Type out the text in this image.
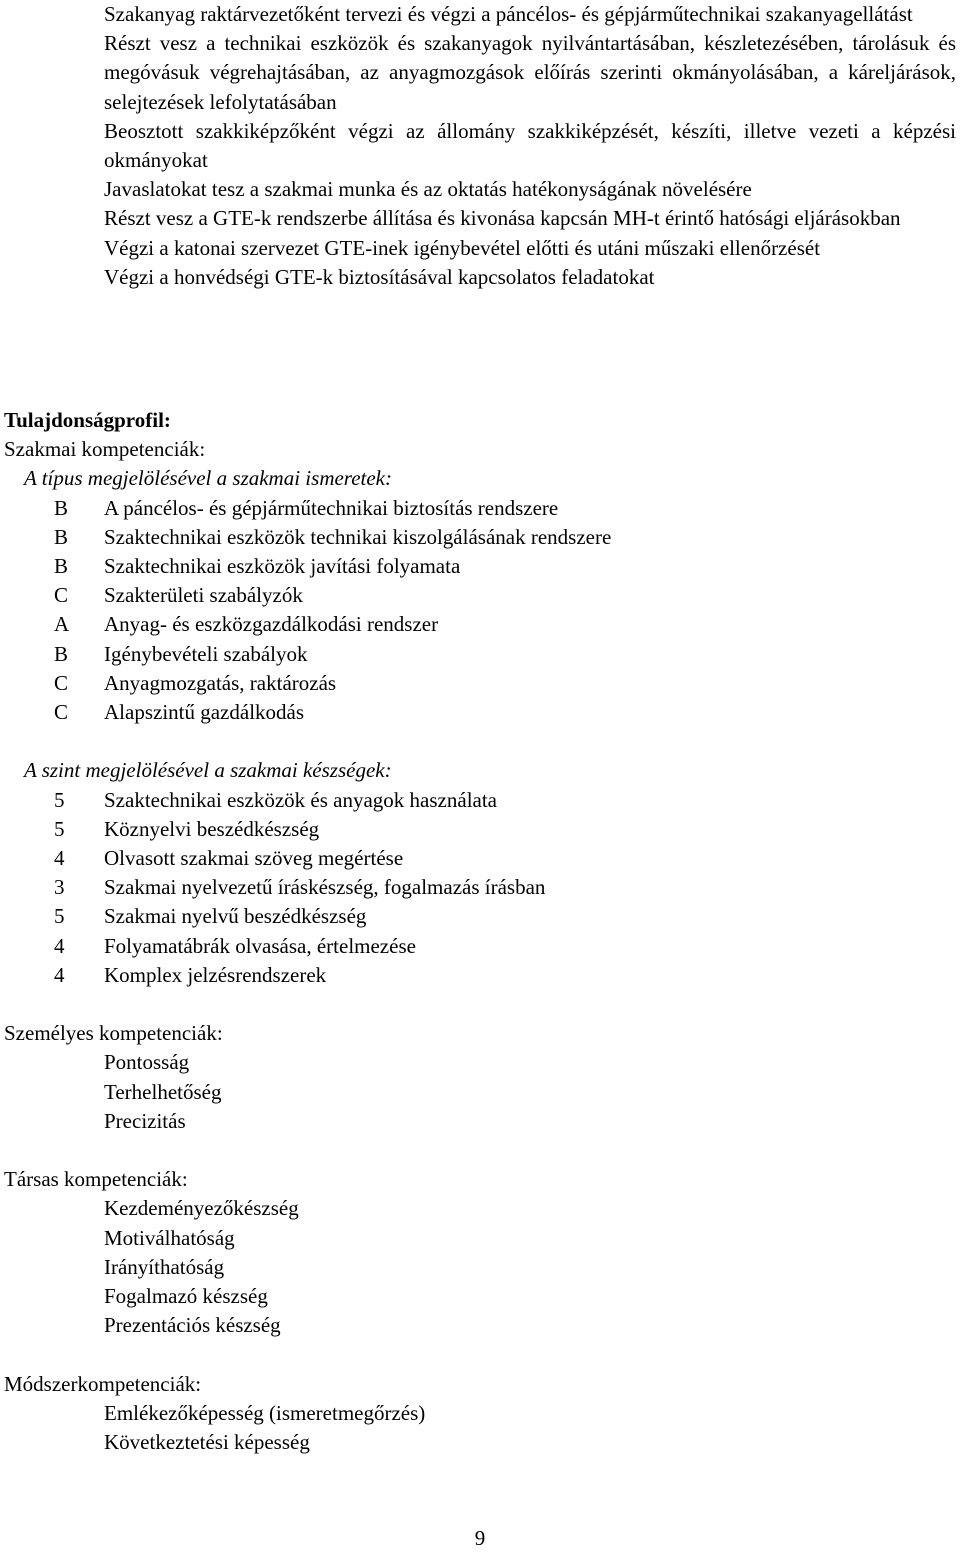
Szakanyag raktárvezetőként tervezi és végzi a páncélos- és gépjárműtechnikai szakanyagellátást
Részt vesz a technikai eszközök és szakanyagok nyilvántartásában, készletezésében, tárolásuk és megóvásuk végrehajtásában, az anyagmozgások előírás szerinti okmányolásában, a káreljárások, selejtezések lefolytatásában
Beosztott szakkiképzőként végzi az állomány szakkiképzését, készíti, illetve vezeti a képzési okmányokat
Javaslatokat tesz a szakmai munka és az oktatás hatékonyságának növelésére
Részt vesz a GTE-k rendszerbe állítása és kivonása kapcsán MH-t érintő hatósági eljárásokban
Végzi a katonai szervezet GTE-inek igénybevétel előtti és utáni műszaki ellenőrzését
Végzi a honvédségi GTE-k biztosításával kapcsolatos feladatokat
Tulajdonságprofil:
Szakmai kompetenciák:
A típus megjelölésével a szakmai ismeretek:
B	A páncélos- és gépjárműtechnikai biztosítás rendszere
B	Szaktechnikai eszközök technikai kiszolgálásának rendszere
B	Szaktechnikai eszközök javítási folyamata
C	Szakterületi szabályzók
A	Anyag- és eszközgazdálkodási rendszer
B	Igénybevételi szabályok
C	Anyagmozgatás, raktározás
C	Alapszintű gazdálkodás
A szint megjelölésével a szakmai készségek:
5	Szaktechnikai eszközök és anyagok használata
5	Köznyelvi beszédkészség
4	Olvasott szakmai szöveg megértése
3	Szakmai nyelvezetű íráskészség, fogalmazás írásban
5	Szakmai nyelvű beszédkészség
4	Folyamatábrák olvasása, értelmezése
4	Komplex jelzésrendszerek
Személyes kompetenciák:
Pontosság
Terhelhetőség
Precizitás
Társas kompetenciák:
Kezdeményezőkészség
Motiválhatóság
Irányíthatóság
Fogalmazó készség
Prezentációs készség
Módszerkompetenciák:
Emlékezőképesség (ismeretmegőrzés)
Következtetési képesség
9
